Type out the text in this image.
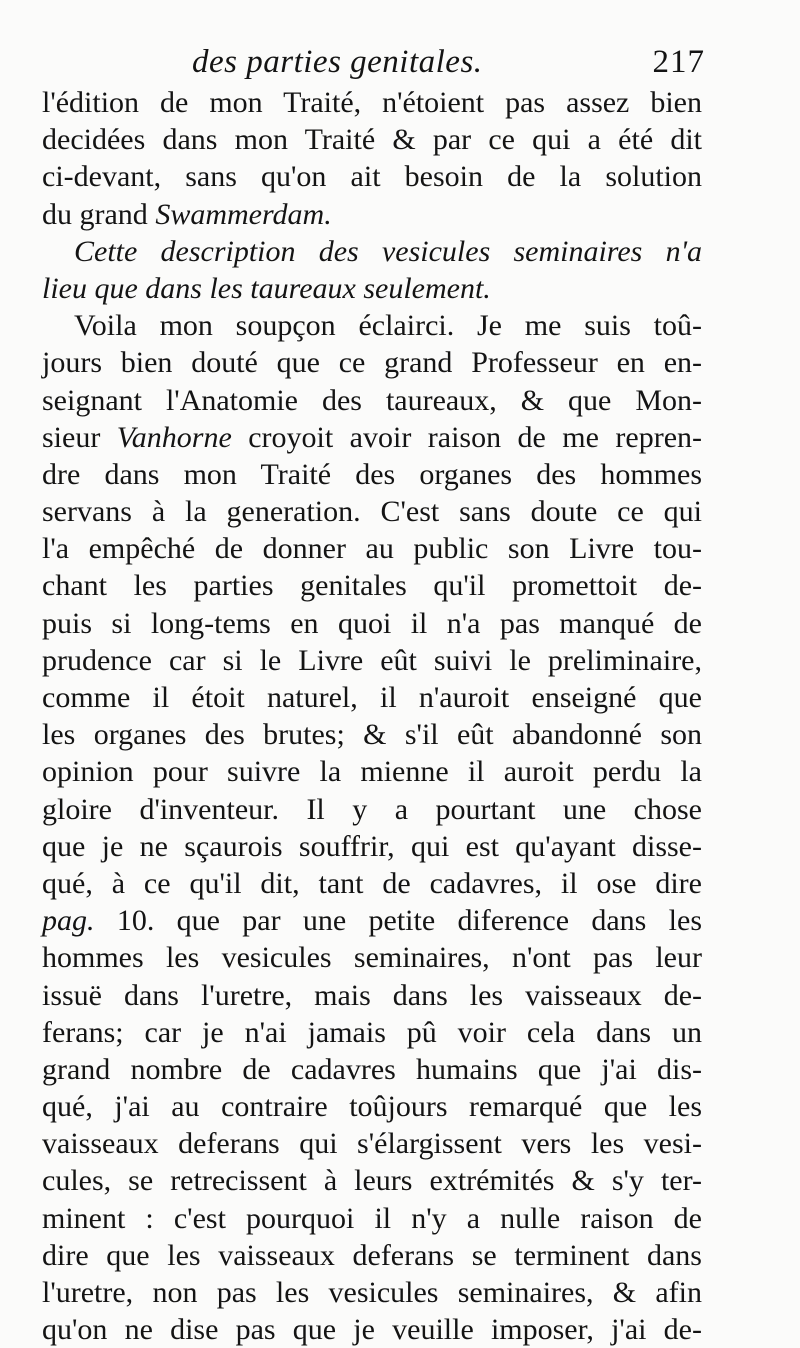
des parties genitales.	217
l'édition de mon Traité, n'étoient pas assez bien
decidées dans mon Traité & par ce qui a été dit
ci-devant, sans qu'on ait besoin de la solution
du grand Swammerdam.
Cette description des vesicules seminaires n'a
lieu que dans les taureaux seulement.
Voila mon soupçon éclairci. Je me suis toû-
jours bien douté que ce grand Professeur en en-
seignant l'Anatomie des taureaux, & que Mon-
sieur Vanhorne croyoit avoir raison de me repren-
dre dans mon Traité des organes des hommes
servans à la generation. C'est sans doute ce qui
l'a empêché de donner au public son Livre tou-
chant les parties genitales qu'il promettoit de-
puis si long-tems en quoi il n'a pas manqué de
prudence car si le Livre eût suivi le preliminaire,
comme il étoit naturel, il n'auroit enseigné que
les organes des brutes; & s'il eût abandonné son
opinion pour suivre la mienne il auroit perdu la
gloire d'inventeur. Il y a pourtant une chose
que je ne sçaurois souffrir, qui est qu'ayant disse-
qué, à ce qu'il dit, tant de cadavres, il ose dire
pag. 10. que par une petite diference dans les
hommes les vesicules seminaires, n'ont pas leur
issuë dans l'uretre, mais dans les vaisseaux de-
ferans; car je n'ai jamais pû voir cela dans un
grand nombre de cadavres humains que j'ai dis-
qué, j'ai au contraire toûjours remarqué que les
vaisseaux deferans qui s'élargissent vers les vesi-
cules, se retrecissent à leurs extrémités & s'y ter-
minent : c'est pourquoi il n'y a nulle raison de
dire que les vaisseaux deferans se terminent dans
l'uretre, non pas les vesicules seminaires, & afin
qu'on ne dise pas que je veuille imposer, j'ai de-
